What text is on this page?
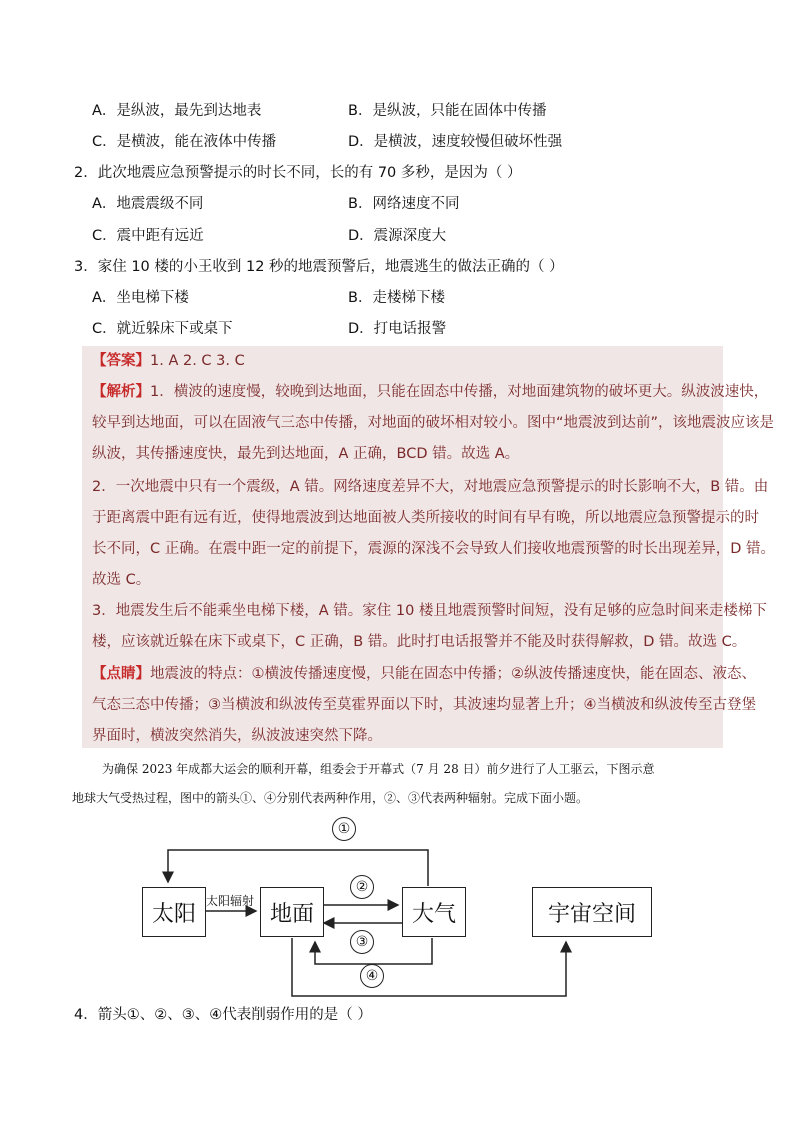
A．是纵波，最先到达地表	B．是纵波，只能在固体中传播
C．是横波，能在液体中传播	D．是横波，速度较慢但破坏性强
2．此次地震应急预警提示的时长不同，长的有 70 多秒，是因为（ ）
A．地震震级不同	B．网络速度不同
C．震中距有远近	D．震源深度大
3．家住 10 楼的小王收到 12 秒的地震预警后，地震逃生的做法正确的（ ）
A．坐电梯下楼	B．走楼梯下楼
C．就近躲床下或桌下	D．打电话报警
【答案】1. A 2. C 3. C
【解析】1．横波的速度慢，较晚到达地面，只能在固态中传播，对地面建筑物的破坏更大。纵波波速快，
较早到达地面，可以在固液气三态中传播，对地面的破坏相对较小。图中“地震波到达前”，该地震波应该是
纵波，其传播速度快，最先到达地面，A 正确，BCD 错。故选 A。
2．一次地震中只有一个震级，A 错。网络速度差异不大，对地震应急预警提示的时长影响不大，B 错。由
于距离震中距有远有近，使得地震波到达地面被人类所接收的时间有早有晚，所以地震应急预警提示的时
长不同，C 正确。在震中距一定的前提下，震源的深浅不会导致人们接收地震预警的时长出现差异，D 错。
故选 C。
3．地震发生后不能乘坐电梯下楼，A 错。家住 10 楼且地震预警时间短，没有足够的应急时间来走楼梯下
楼，应该就近躲在床下或桌下，C 正确，B 错。此时打电话报警并不能及时获得解救，D 错。故选 C。
【点睛】地震波的特点：①横波传播速度慢，只能在固态中传播；②纵波传播速度快，能在固态、液态、
气态三态中传播；③当横波和纵波传至莫霍界面以下时，其波速均显著上升；④当横波和纵波传至古登堡
界面时，横波突然消失，纵波波速突然下降。
为确保 2023 年成都大运会的顺利开幕，组委会于开幕式（7 月 28 日）前夕进行了人工驱云，下图示意
地球大气受热过程，图中的箭头①、④分别代表两种作用，②、③代表两种辐射。完成下面小题。
太阳	地面	大气	宇宙空间
太阳辐射
①
②
③
④
4．箭头①、②、③、④代表削弱作用的是（ ）
